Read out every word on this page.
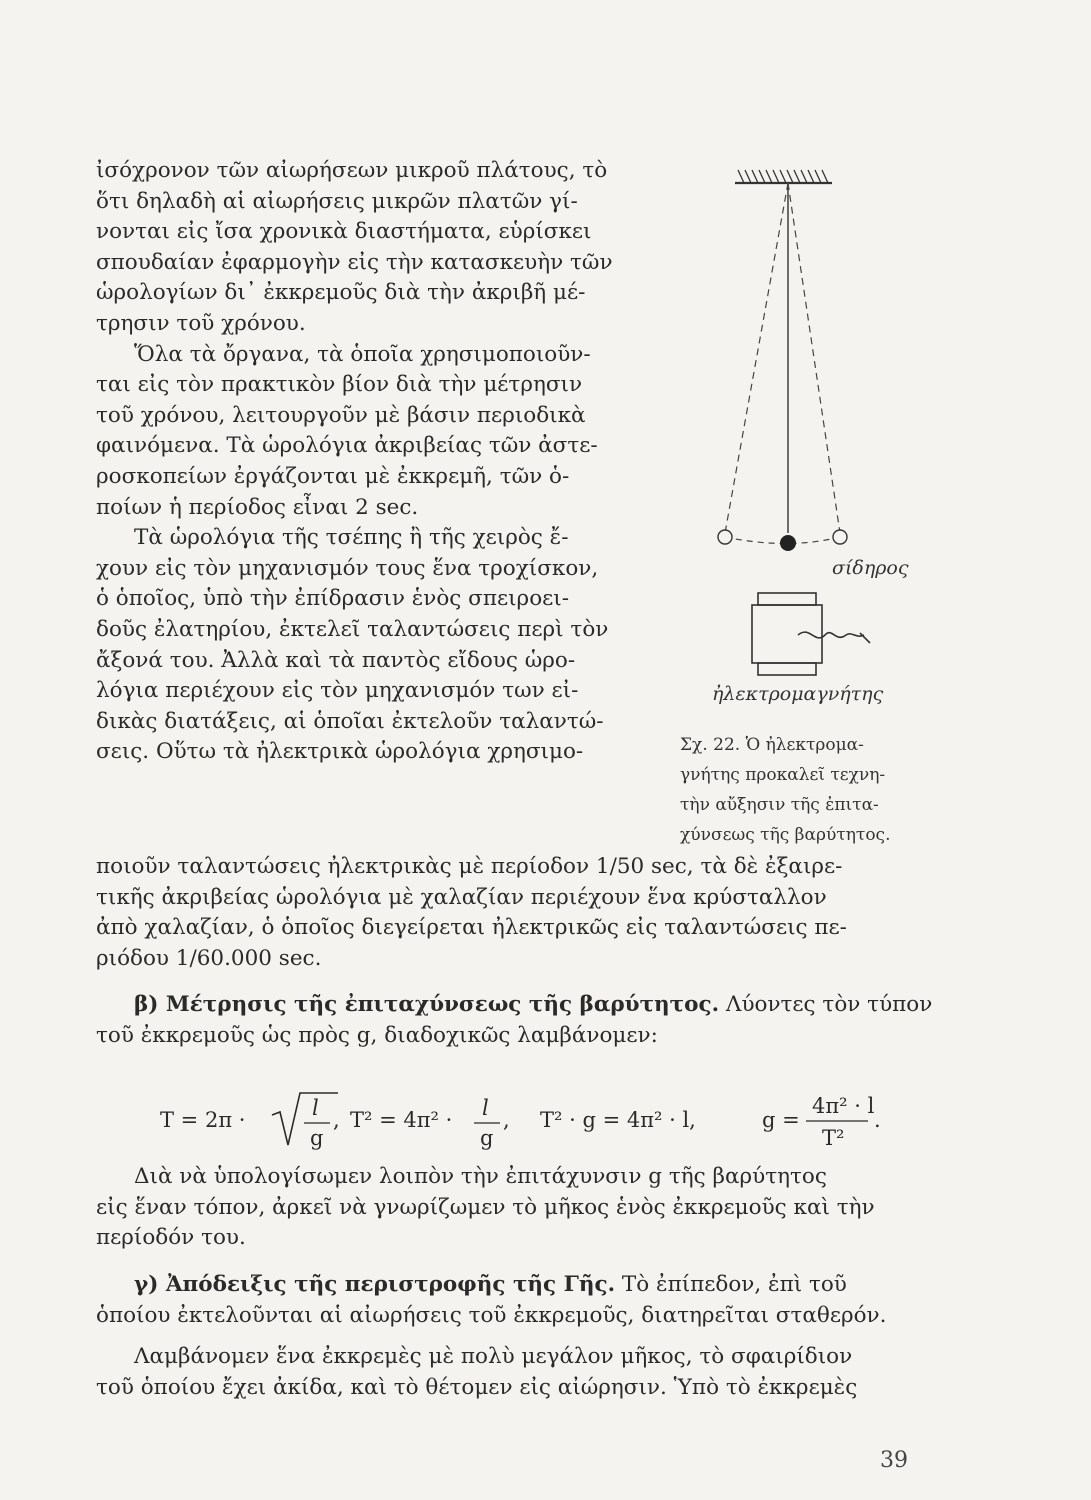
ἰσόχρονον τῶν αἰωρήσεων μικροῦ πλάτους, τὸ
ὅτι δηλαδὴ αἱ αἰωρήσεις μικρῶν πλατῶν γί-
νονται εἰς ἴσα χρονικὰ διαστήματα, εὑρίσκει
σπουδαίαν ἐφαρμογὴν εἰς τὴν κατασκευὴν τῶν
ὡρολογίων δι᾿ ἐκκρεμοῦς διὰ τὴν ἀκριβῆ μέ-
τρησιν τοῦ χρόνου.
Ὅλα τὰ ὄργανα, τὰ ὁποῖα χρησιμοποιοῦν-
ται εἰς τὸν πρακτικὸν βίον διὰ τὴν μέτρησιν
τοῦ χρόνου, λειτουργοῦν μὲ βάσιν περιοδικὰ
φαινόμενα. Τὰ ὡρολόγια ἀκριβείας τῶν ἀστε-
ροσκοπείων ἐργάζονται μὲ ἐκκρεμῆ, τῶν ὁ-
ποίων ἡ περίοδος εἶναι 2 sec.
Τὰ ὡρολόγια τῆς τσέπης ἢ τῆς χειρὸς ἔ-
χουν εἰς τὸν μηχανισμόν τους ἕνα τροχίσκον,
ὁ ὁποῖος, ὑπὸ τὴν ἐπίδρασιν ἑνὸς σπειροει-
δοῦς ἐλατηρίου, ἐκτελεῖ ταλαντώσεις περὶ τὸν
ἄξονά του. Ἀλλὰ καὶ τὰ παντὸς εἴδους ὡρο-
λόγια περιέχουν εἰς τὸν μηχανισμόν των εἰ-
δικὰς διατάξεις, αἱ ὁποῖαι ἐκτελοῦν ταλαντώ-
σεις. Οὕτω τὰ ἠλεκτρικὰ ὡρολόγια χρησιμο-
σίδηρος
ἠλεκτρομαγνήτης
Σχ. 22. Ὁ ἠλεκτρομα-
γνήτης προκαλεῖ τεχνη-
τὴν αὔξησιν τῆς ἐπιτα-
χύνσεως τῆς βαρύτητος.
ποιοῦν ταλαντώσεις ἠλεκτρικὰς μὲ περίοδον 1/50 sec, τὰ δὲ ἐξαιρε-
τικῆς ἀκριβείας ὡρολόγια μὲ χαλαζίαν περιέχουν ἕνα κρύσταλλον
ἀπὸ χαλαζίαν, ὁ ὁποῖος διεγείρεται ἠλεκτρικῶς εἰς ταλαντώσεις πε-
ριόδου 1/60.000 sec.
β) Μέτρησις τῆς ἐπιταχύνσεως τῆς βαρύτητος. Λύοντες τὸν τύπον
τοῦ ἐκκρεμοῦς ὡς πρὸς g, διαδοχικῶς λαμβάνομεν:
T = 2π ·	l
g
, T² = 4π² · l
g
, T² · g = 4π² · l,	g =
4π² · l
T²
.
Διὰ νὰ ὑπολογίσωμεν λοιπὸν τὴν ἐπιτάχυνσιν g τῆς βαρύτητος
εἰς ἕναν τόπον, ἀρκεῖ νὰ γνωρίζωμεν τὸ μῆκος ἑνὸς ἐκκρεμοῦς καὶ τὴν
περίοδόν του.
γ) Ἀπόδειξις τῆς περιστροφῆς τῆς Γῆς. Τὸ ἐπίπεδον, ἐπὶ τοῦ
ὁποίου ἐκτελοῦνται αἱ αἰωρήσεις τοῦ ἐκκρεμοῦς, διατηρεῖται σταθερόν.
Λαμβάνομεν ἕνα ἐκκρεμὲς μὲ πολὺ μεγάλον μῆκος, τὸ σφαιρίδιον
τοῦ ὁποίου ἔχει ἀκίδα, καὶ τὸ θέτομεν εἰς αἰώρησιν. Ὑπὸ τὸ ἐκκρεμὲς
39
